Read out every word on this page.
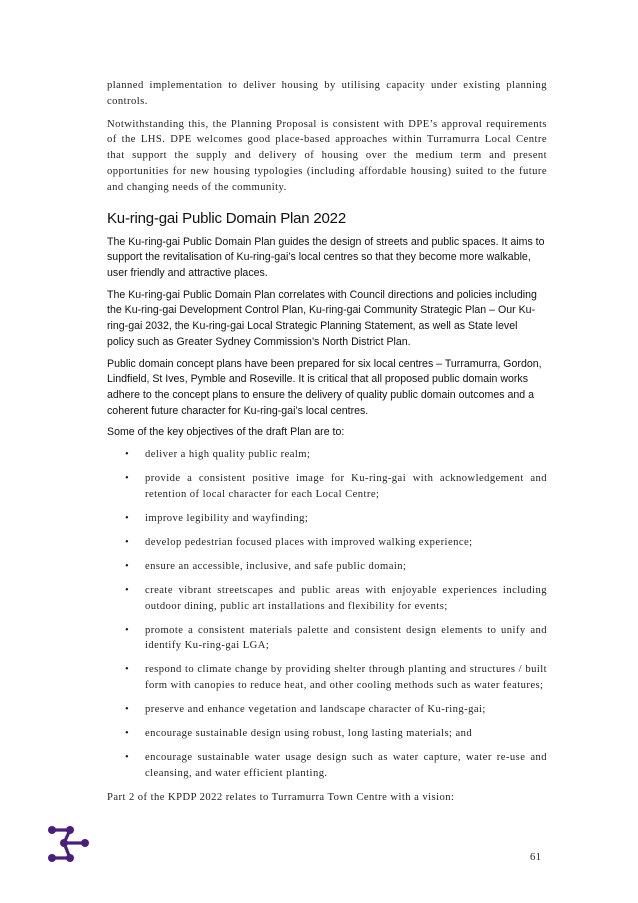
planned implementation to deliver housing by utilising capacity under existing planning controls.

Notwithstanding this, the Planning Proposal is consistent with DPE’s approval requirements of the LHS. DPE welcomes good place-based approaches within Turramurra Local Centre that support the supply and delivery of housing over the medium term and present opportunities for new housing typologies (including affordable housing) suited to the future and changing needs of the community.

Ku-ring-gai Public Domain Plan 2022

The Ku-ring-gai Public Domain Plan guides the design of streets and public spaces. It aims to support the revitalisation of Ku-ring-gai’s local centres so that they become more walkable, user friendly and attractive places.

The Ku-ring-gai Public Domain Plan correlates with Council directions and policies including the Ku-ring-gai Development Control Plan, Ku-ring-gai Community Strategic Plan – Our Ku-ring-gai 2032, the Ku-ring-gai Local Strategic Planning Statement, as well as State level policy such as Greater Sydney Commission’s North District Plan.

Public domain concept plans have been prepared for six local centres – Turramurra, Gordon, Lindfield, St Ives, Pymble and Roseville. It is critical that all proposed public domain works adhere to the concept plans to ensure the delivery of quality public domain outcomes and a coherent future character for Ku-ring-gai’s local centres.

Some of the key objectives of the draft Plan are to:

• deliver a high quality public realm;
• provide a consistent positive image for Ku-ring-gai with acknowledgement and retention of local character for each Local Centre;
• improve legibility and wayfinding;
• develop pedestrian focused places with improved walking experience;
• ensure an accessible, inclusive, and safe public domain;
• create vibrant streetscapes and public areas with enjoyable experiences including outdoor dining, public art installations and flexibility for events;
• promote a consistent materials palette and consistent design elements to unify and identify Ku-ring-gai LGA;
• respond to climate change by providing shelter through planting and structures / built form with canopies to reduce heat, and other cooling methods such as water features;
• preserve and enhance vegetation and landscape character of Ku-ring-gai;
• encourage sustainable design using robust, long lasting materials; and
• encourage sustainable water usage design such as water capture, water re-use and cleansing, and water efficient planting.

Part 2 of the KPDP 2022 relates to Turramurra Town Centre with a vision:

61
